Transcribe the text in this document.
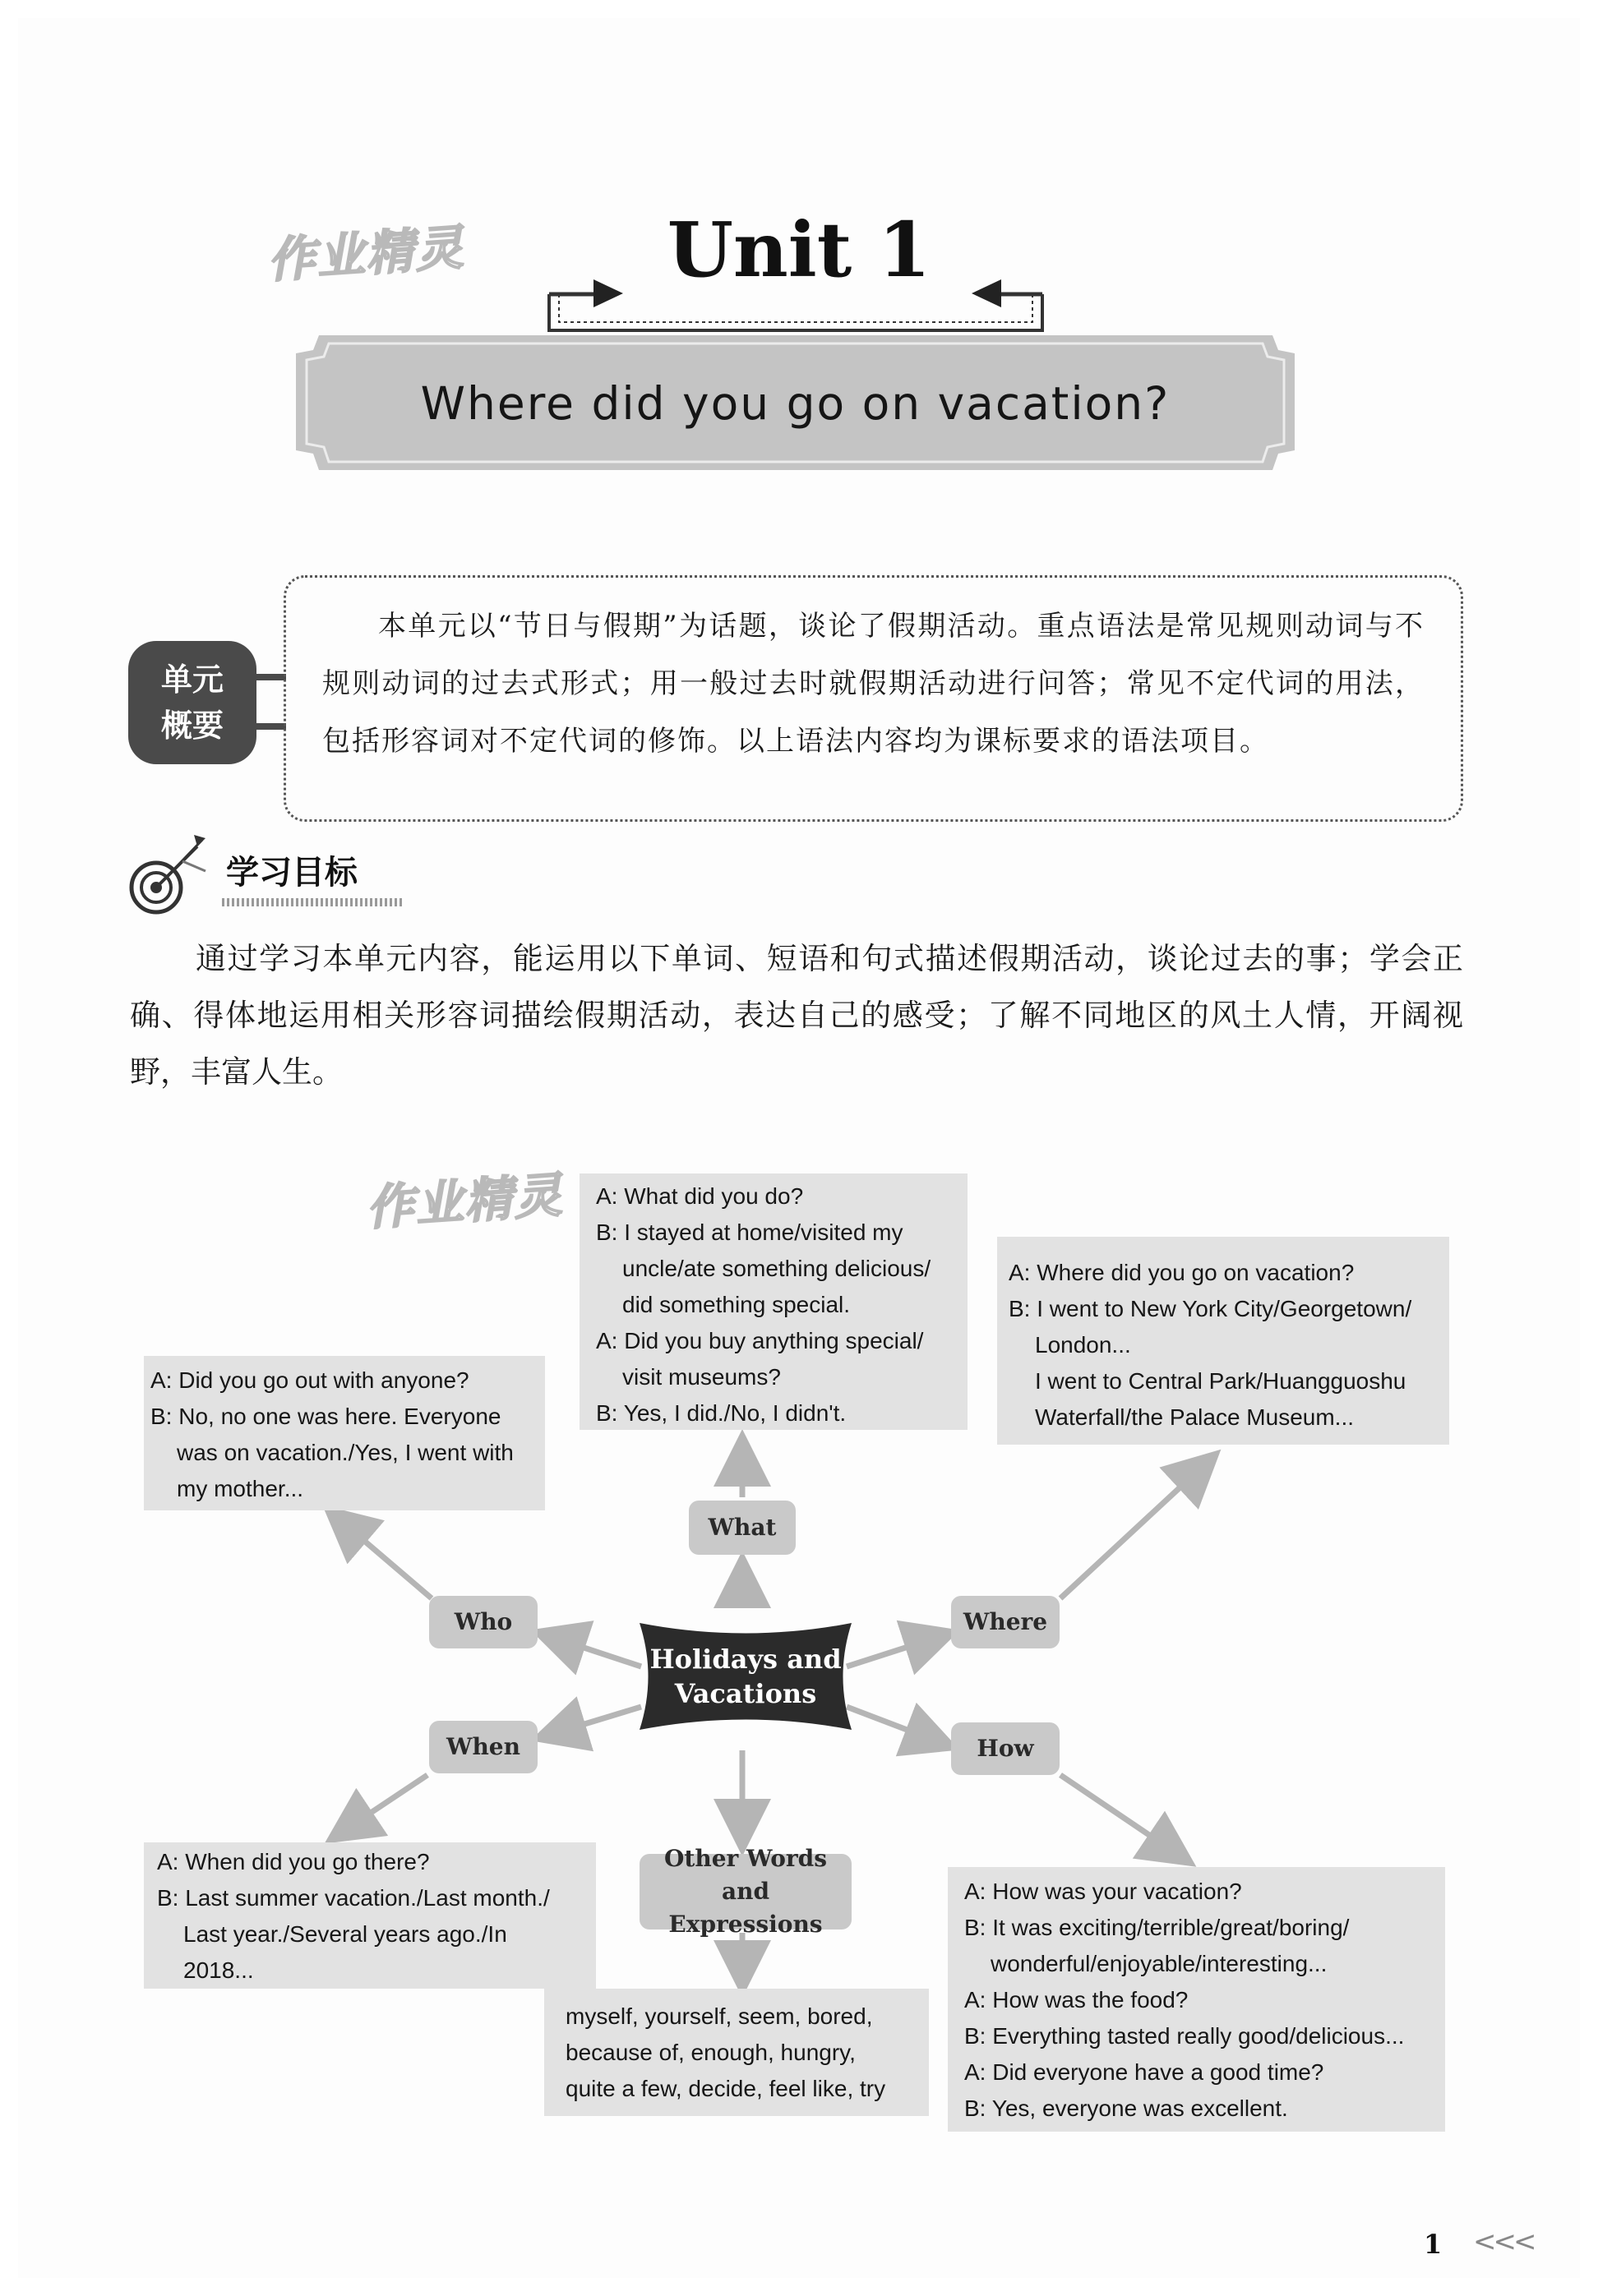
作业精灵
作业精灵
Unit 1
Where did you go on vacation?
单元
概要

本单元以“节日与假期”为话题，谈论了假期活动。重点语法是常见规则动词与不规则动词的过去式形式；用一般过去时就假期活动进行问答；常见不定代词的用法，包括形容词对不定代词的修饰。以上语法内容均为课标要求的语法项目。

学习目标

通过学习本单元内容，能运用以下单词、短语和句式描述假期活动，谈论过去的事；学会正确、得体地运用相关形容词描绘假期活动，表达自己的感受；了解不同地区的风土人情，开阔视野，丰富人生。

A: What did you do?
B: I stayed at home/visited my
uncle/ate something delicious/
did something special.
A: Did you buy anything special/
visit museums?
B: Yes, I did./No, I didn't.
A: Where did you go on vacation?
B: I went to New York City/Georgetown/
London...
I went to Central Park/Huangguoshu
Waterfall/the Palace Museum...
A: Did you go out with anyone?
B: No, no one was here. Everyone
was on vacation./Yes, I went with
my mother...
A: When did you go there?
B: Last summer vacation./Last month./
Last year./Several years ago./In
2018...
A: How was your vacation?
B: It was exciting/terrible/great/boring/
wonderful/enjoyable/interesting...
A: How was the food?
B: Everything tasted really good/delicious...
A: Did everyone have a good time?
B: Yes, everyone was excellent.
myself, yourself, seem, bored,
because of, enough, hungry,
quite a few, decide, feel like, try
What
Who	Where
When	How
Other Words and
Expressions
Holidays and
Vacations
1 <<<
